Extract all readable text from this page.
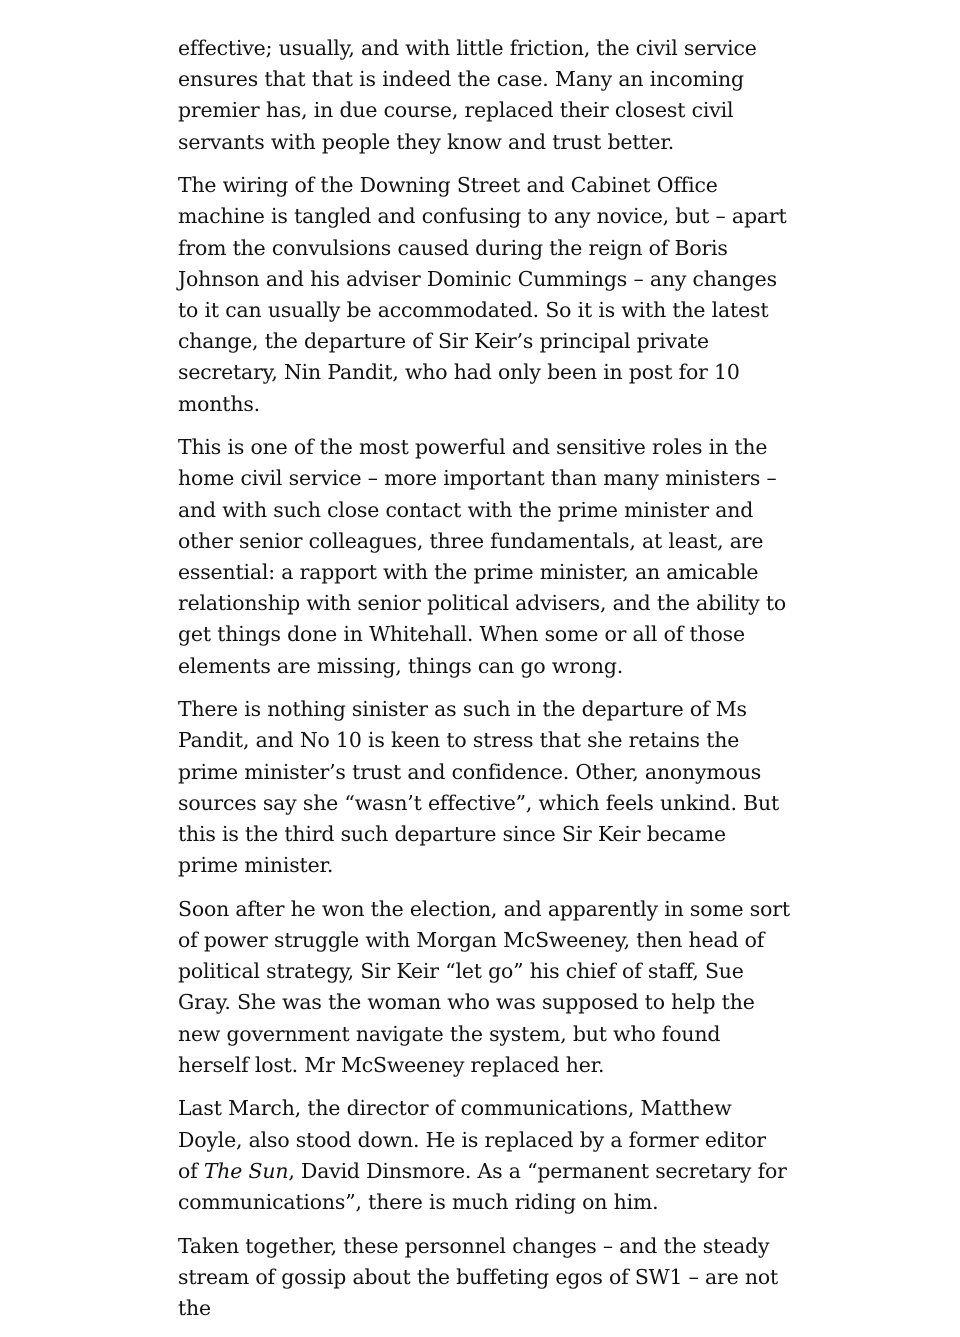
effective; usually, and with little friction, the civil service ensures that that is indeed the case. Many an incoming premier has, in due course, replaced their closest civil servants with people they know and trust better.

The wiring of the Downing Street and Cabinet Office machine is tangled and confusing to any novice, but – apart from the convulsions caused during the reign of Boris Johnson and his adviser Dominic Cummings – any changes to it can usually be accommodated. So it is with the latest change, the departure of Sir Keir’s principal private secretary, Nin Pandit, who had only been in post for 10 months.

This is one of the most powerful and sensitive roles in the home civil service – more important than many ministers – and with such close contact with the prime minister and other senior colleagues, three fundamentals, at least, are essential: a rapport with the prime minister, an amicable relationship with senior political advisers, and the ability to get things done in Whitehall. When some or all of those elements are missing, things can go wrong.

There is nothing sinister as such in the departure of Ms Pandit, and No 10 is keen to stress that she retains the prime minister’s trust and confidence. Other, anonymous sources say she “wasn’t effective”, which feels unkind. But this is the third such departure since Sir Keir became prime minister.

Soon after he won the election, and apparently in some sort of power struggle with Morgan McSweeney, then head of political strategy, Sir Keir “let go” his chief of staff, Sue Gray. She was the woman who was supposed to help the new government navigate the system, but who found herself lost. Mr McSweeney replaced her.

Last March, the director of communications, Matthew Doyle, also stood down. He is replaced by a former editor of The Sun, David Dinsmore. As a “permanent secretary for communications”, there is much riding on him.

Taken together, these personnel changes – and the steady stream of gossip about the buffeting egos of SW1 – are not the
